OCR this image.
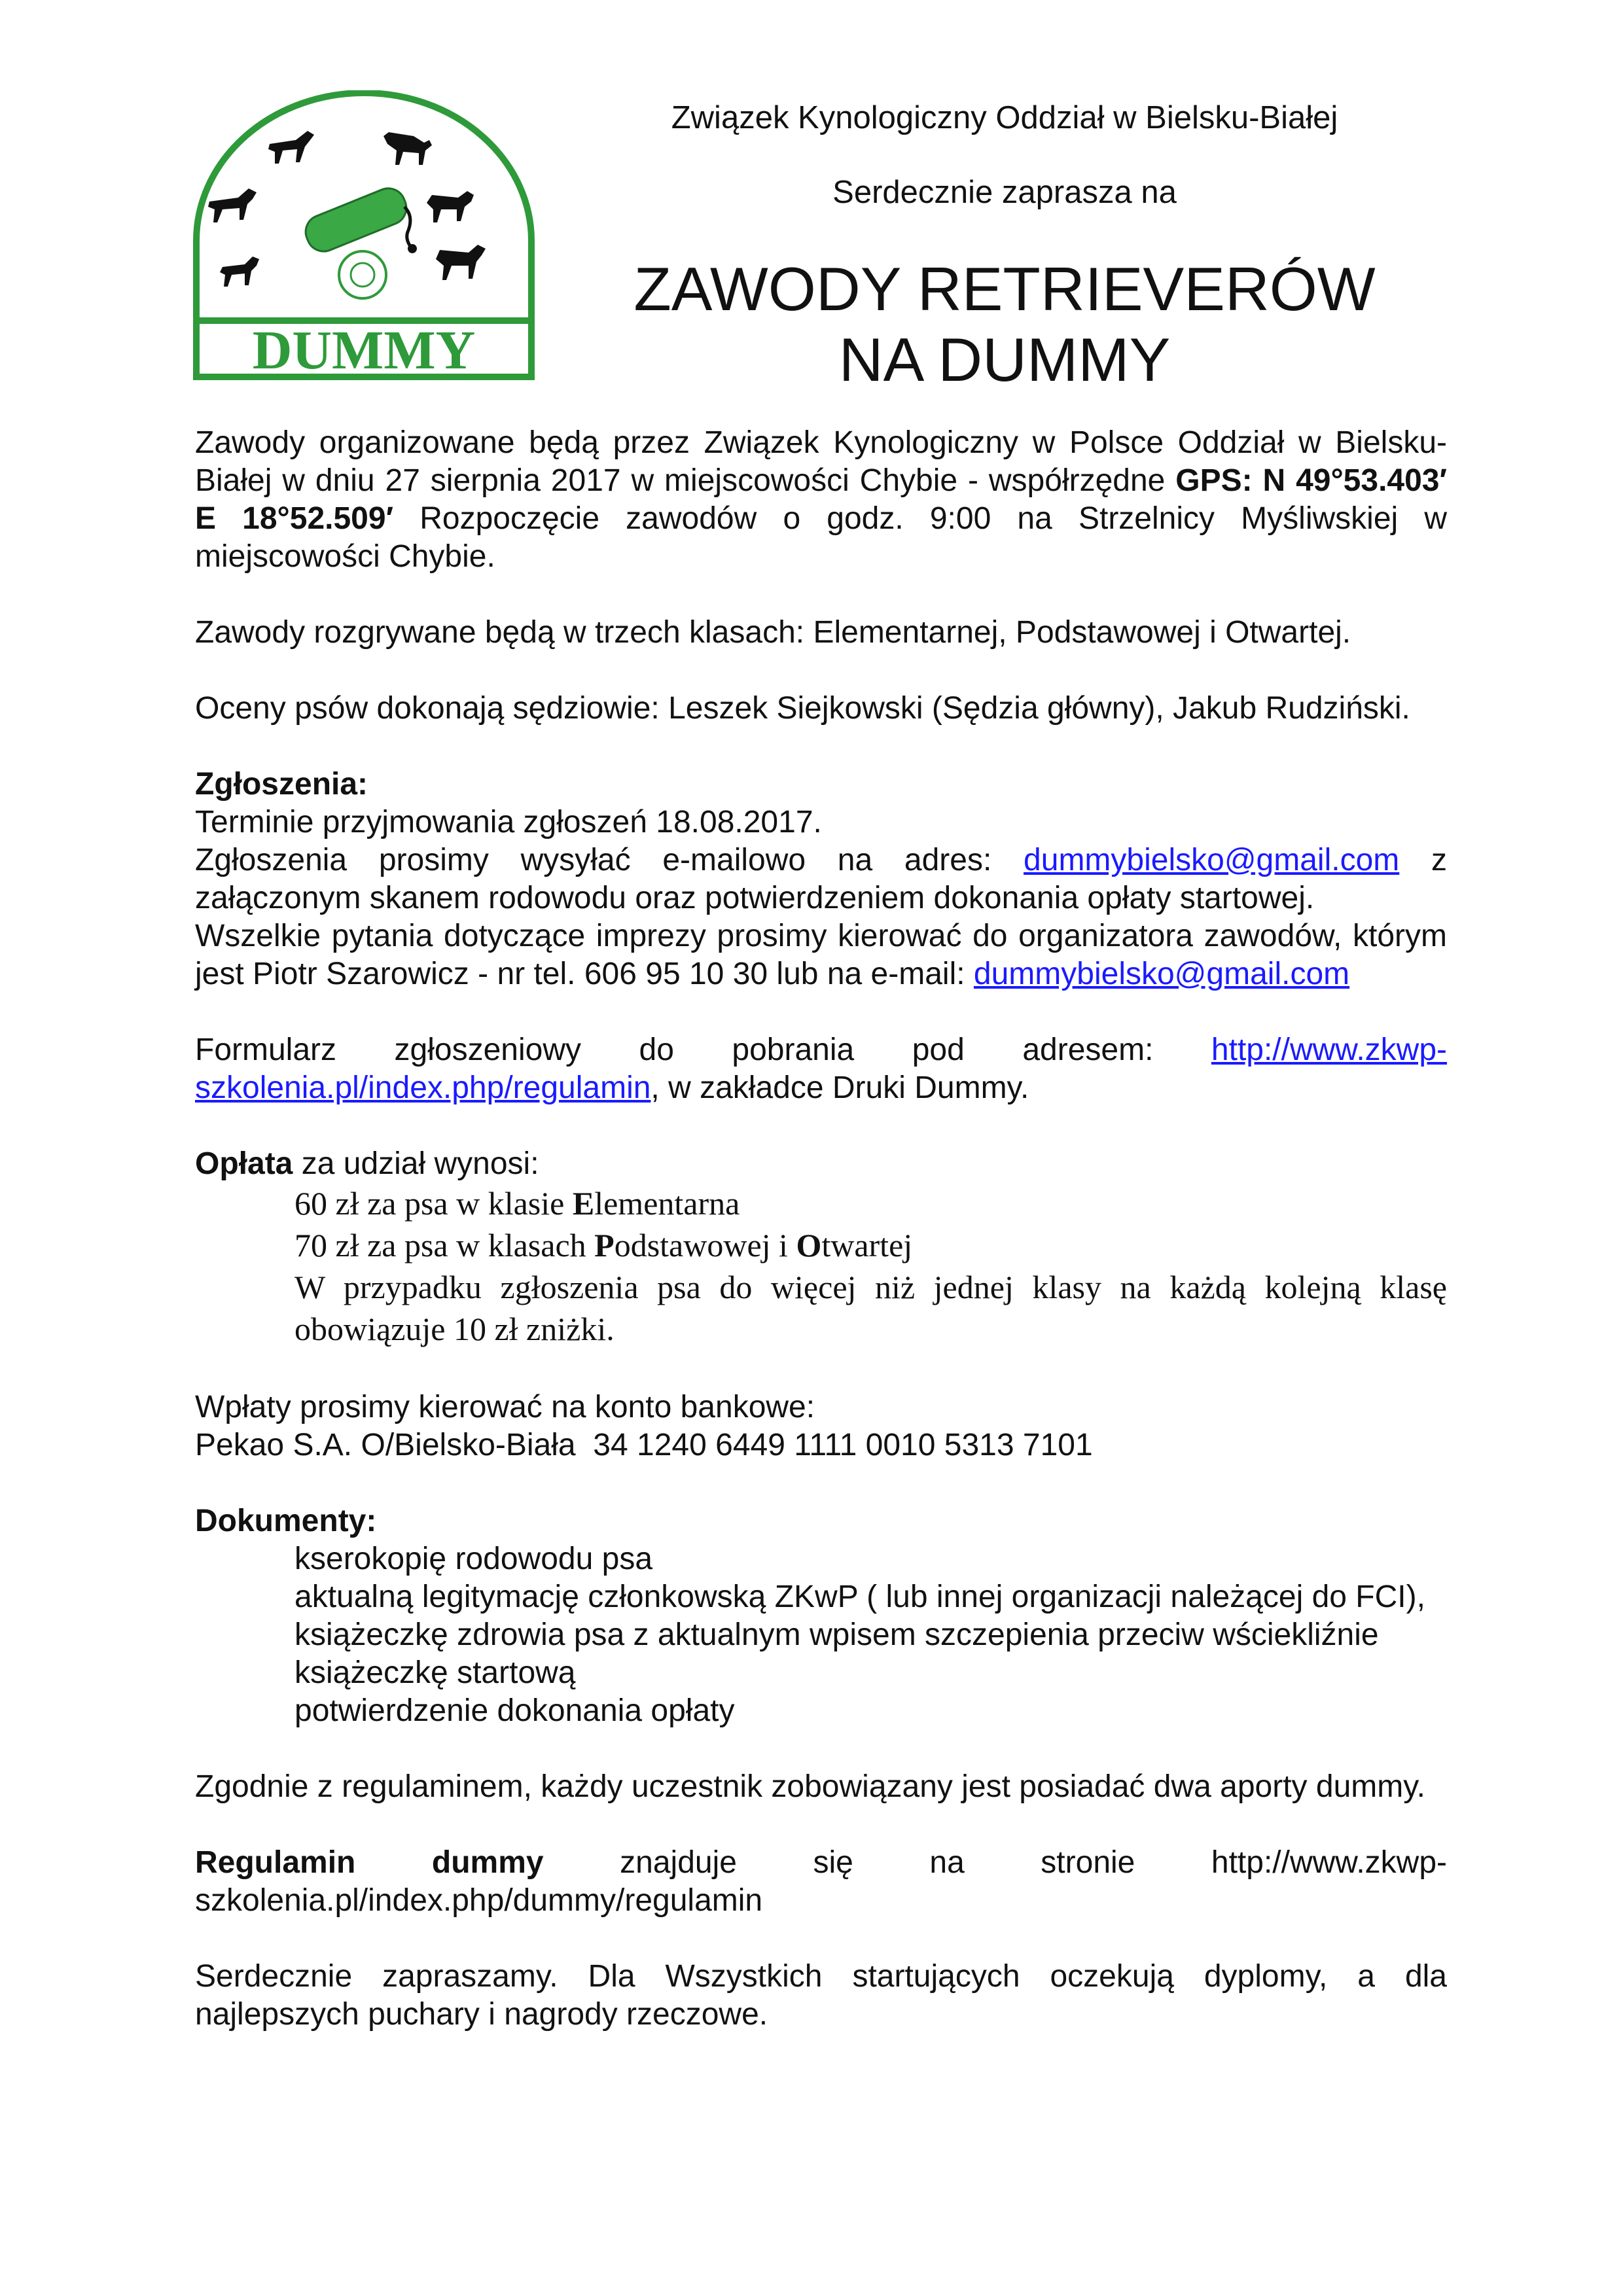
DUMMY
Związek Kynologiczny Oddział w Bielsku-Białej
Serdecznie zaprasza na
ZAWODY RETRIEVERÓW
NA DUMMY

Zawody organizowane będą przez Związek Kynologiczny w Polsce Oddział w Bielsku-Białej w dniu 27 sierpnia 2017 w miejscowości Chybie - współrzędne GPS: N 49°53.403′ E 18°52.509′ Rozpoczęcie zawodów o godz. 9:00 na Strzelnicy Myśliwskiej w miejscowości Chybie.

Zawody rozgrywane będą w trzech klasach: Elementarnej, Podstawowej i Otwartej.

Oceny psów dokonają sędziowie: Leszek Siejkowski (Sędzia główny), Jakub Rudziński.

Zgłoszenia:

Terminie przyjmowania zgłoszeń 18.08.2017.

Zgłoszenia prosimy wysyłać e-mailowo na adres: dummybielsko@gmail.com z załączonym skanem rodowodu oraz potwierdzeniem dokonania opłaty startowej.

Wszelkie pytania dotyczące imprezy prosimy kierować do organizatora zawodów, którym jest Piotr Szarowicz - nr tel. 606 95 10 30 lub na e-mail: dummybielsko@gmail.com

Formularz zgłoszeniowy do pobrania pod adresem: http://www.zkwp-szkolenia.pl/index.php/regulamin, w zakładce Druki Dummy.

Opłata za udział wynosi:

60 zł za psa w klasie Elementarna
70 zł za psa w klasach Podstawowej i Otwartej
W przypadku zgłoszenia psa do więcej niż jednej klasy na każdą kolejną klasę obowiązuje 10 zł zniżki.

Wpłaty prosimy kierować na konto bankowe:

Pekao S.A. O/Bielsko-Biała  34 1240 6449 1111 0010 5313 7101

Dokumenty:

kserokopię rodowodu psa
aktualną legitymację członkowską ZKwP ( lub innej organizacji należącej do FCI),
książeczkę zdrowia psa z aktualnym wpisem szczepienia przeciw wściekliźnie
książeczkę startową
potwierdzenie dokonania opłaty

Zgodnie z regulaminem, każdy uczestnik zobowiązany jest posiadać dwa aporty dummy.

Regulamin dummy znajduje się na stronie http://www.zkwp-szkolenia.pl/index.php/dummy/regulamin

Serdecznie zapraszamy. Dla Wszystkich startujących oczekują dyplomy, a dla najlepszych puchary i nagrody rzeczowe.
